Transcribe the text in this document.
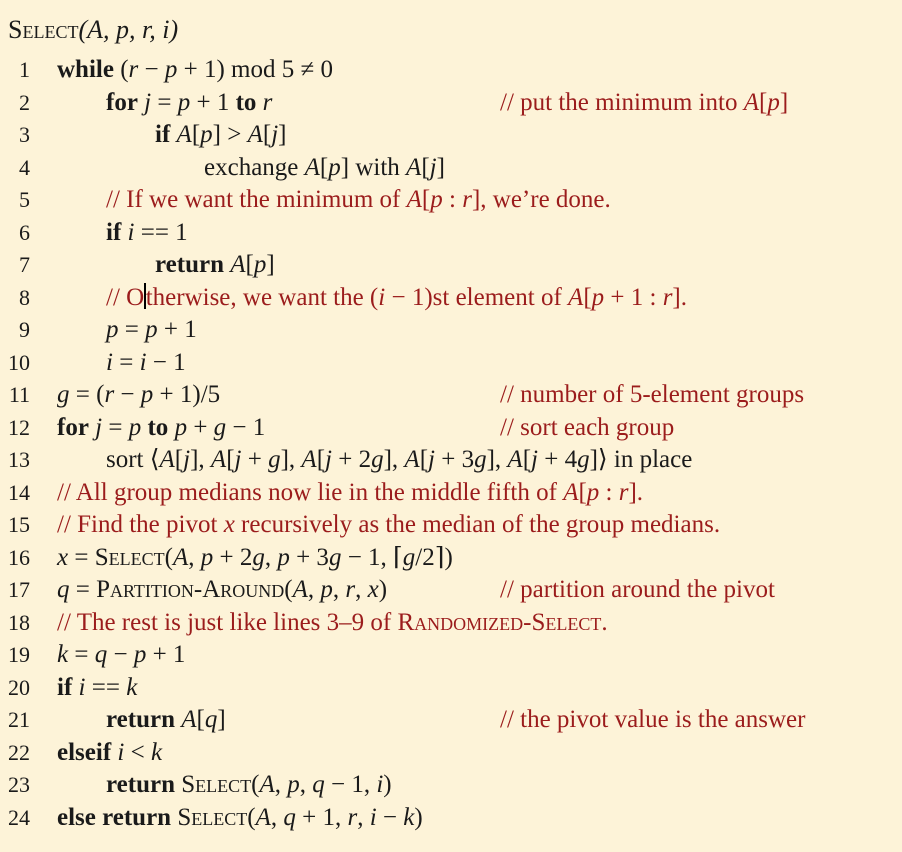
Select(A, p, r, i)
1 while (r − p + 1) mod 5 ≠ 0
2	for j = p + 1 to r	// put the minimum into A[p]
3	if A[p] > A[j]
4	exchange A[p] with A[j]
5	// If we want the minimum of A[p : r], we’re done.
6	if i == 1
7	return A[p]
8	// Otherwise, we want the (i − 1)st element of A[p + 1 : r].
9	p = p + 1
10	i = i − 1
11 g = (r − p + 1)/5	// number of 5-element groups
12 for j = p to p + g − 1	// sort each group
13	sort ⟨A[j], A[j + g], A[j + 2g], A[j + 3g], A[j + 4g]⟩ in place
14 // All group medians now lie in the middle fifth of A[p : r].
15 // Find the pivot x recursively as the median of the group medians.
16 x = Select(A, p + 2g, p + 3g − 1, ⌈g/2⌉)
17 q = Partition-Around(A, p, r, x)	// partition around the pivot
18 // The rest is just like lines 3–9 of Randomized-Select.
19 k = q − p + 1
20 if i == k
21	return A[q]	// the pivot value is the answer
22 elseif i < k
23	return Select(A, p, q − 1, i)
24 else return Select(A, q + 1, r, i − k)
